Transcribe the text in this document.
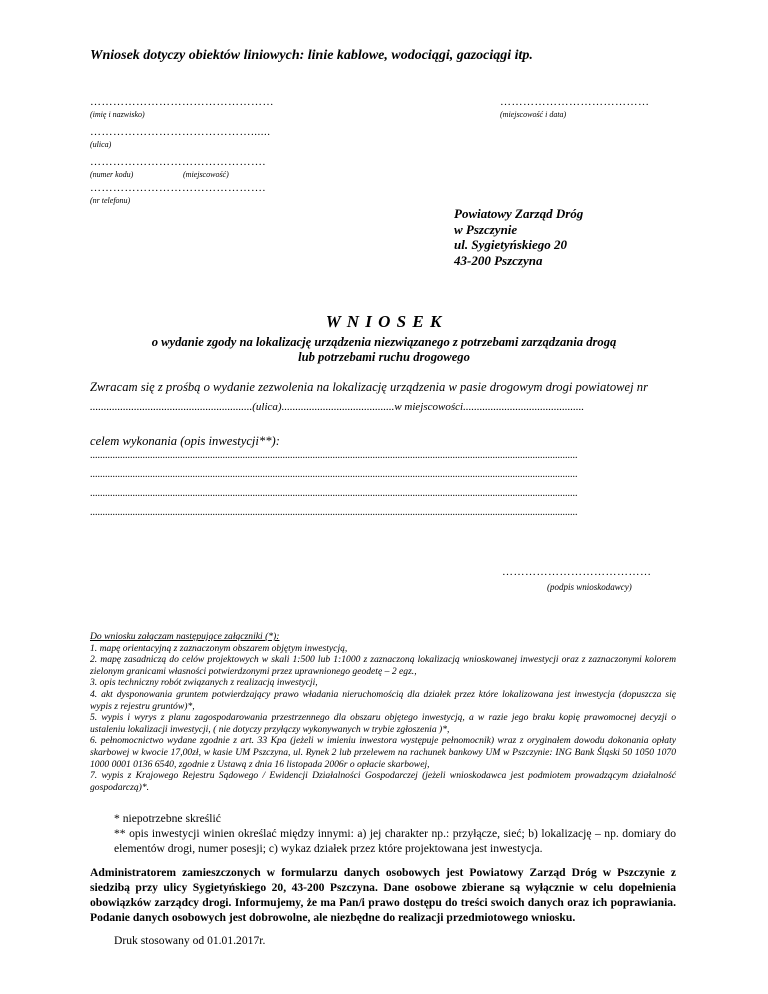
Wniosek dotyczy obiektów liniowych: linie kablowe, wodociągi, gazociągi itp.
…………………………………………
(imię i nazwisko)
…………………………………
(miejscowość i data)
……………………………………......
(ulica)
……………………………………….
(numer kodu)	(miejscowość)
……………………………………….
(nr telefonu)
Powiatowy Zarząd Dróg
w Pszczynie
ul. Sygietyńskiego 20
43-200 Pszczyna
W N I O S E K
o wydanie zgody na lokalizację urządzenia niezwiązanego z potrzebami zarządzania drogą
lub potrzebami ruchu drogowego
Zwracam się z prośbą o wydanie zezwolenia na lokalizację urządzenia w pasie drogowym drogi powiatowej nr
...........................................................(ulica).........................................w miejscowości............................................
celem wykonania (opis inwestycji**):
...................................................................................................................................................................................................
...................................................................................................................................................................................................
...................................................................................................................................................................................................
...................................................................................................................................................................................................
…………………………………
(podpis wnioskodawcy)
Do wniosku załączam następujące załączniki (*):
1. mapę orientacyjną z zaznaczonym obszarem objętym inwestycją,
2. mapę zasadniczą do celów projektowych w skali 1:500 lub 1:1000 z zaznaczoną lokalizacją wnioskowanej inwestycji oraz z zaznaczonymi kolorem zielonym granicami własności potwierdzonymi przez uprawnionego geodetę – 2 egz.,
3. opis techniczny robót związanych z realizacją inwestycji,
4. akt dysponowania gruntem potwierdzający prawo władania nieruchomością dla działek przez które lokalizowana jest inwestycja (dopuszcza się wypis z rejestru gruntów)*,
5. wypis i wyrys z planu zagospodarowania przestrzennego dla obszaru objętego inwestycją, a w razie jego braku kopię prawomocnej decyzji o ustaleniu lokalizacji inwestycji, ( nie dotyczy przyłączy wykonywanych w trybie zgłoszenia )*,
6. pełnomocnictwo wydane zgodnie z art. 33 Kpa (jeżeli w imieniu inwestora występuje pełnomocnik) wraz z oryginałem dowodu dokonania opłaty skarbowej w kwocie 17,00zł, w kasie UM Pszczyna, ul. Rynek 2 lub przelewem na rachunek bankowy UM w Pszczynie: ING Bank Śląski 50 1050 1070 1000 0001 0136 6540, zgodnie z Ustawą z dnia 16 listopada 2006r o opłacie skarbowej,
7. wypis z Krajowego Rejestru Sądowego / Ewidencji Działalności Gospodarczej (jeżeli wnioskodawca jest podmiotem prowadzącym działalność gospodarczą)*.
* niepotrzebne skreślić
** opis inwestycji winien określać między innymi: a) jej charakter np.: przyłącze, sieć; b) lokalizację – np. domiary do elementów drogi, numer posesji; c) wykaz działek przez które projektowana jest inwestycja.
Administratorem zamieszczonych w formularzu danych osobowych jest Powiatowy Zarząd Dróg w Pszczynie z siedzibą przy ulicy Sygietyńskiego 20, 43-200 Pszczyna. Dane osobowe zbierane są wyłącznie w celu dopełnienia obowiązków zarządcy drogi. Informujemy, że ma Pan/i prawo dostępu do treści swoich danych oraz ich poprawiania. Podanie danych osobowych jest dobrowolne, ale niezbędne do realizacji przedmiotowego wniosku.
Druk stosowany od 01.01.2017r.
